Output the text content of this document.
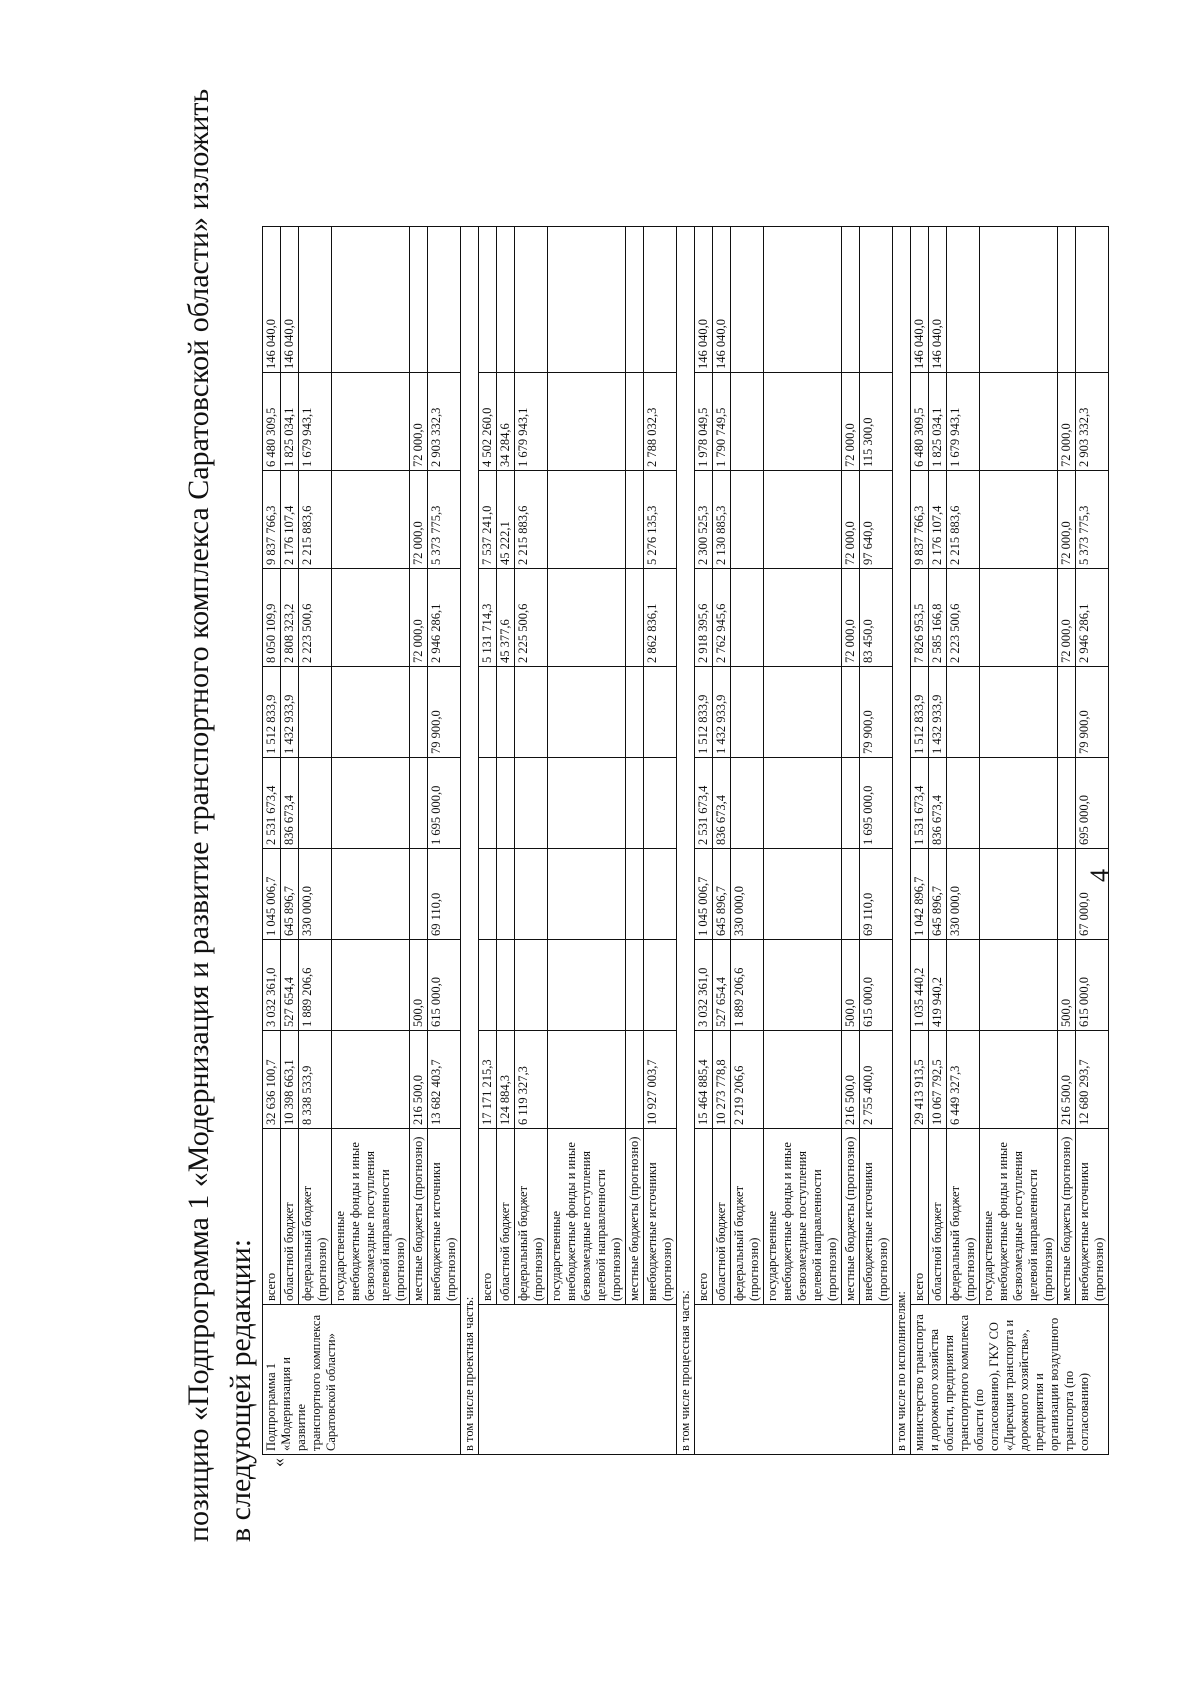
4
позицию «Подпрограмма 1 «Модернизация и развитие транспортного комплекса Саратовской области» изложить в следующей редакции: «
Подпрограмма 1 «Модернизация и развитие транспортного комплекса Саратовской области»	всего	32 636 100,7	3 032 361,0	1 045 006,7	2 531 673,4	1 512 833,9	8 050 109,9	9 837 766,3	6 480 309,5	146 040,0
	областной бюджет	10 398 663,1	527 654,4	645 896,7	836 673,4	1 432 933,9	2 808 323,2	2 176 107,4	1 825 034,1	146 040,0
	федеральный бюджет (прогнозно)	8 338 533,9	1 889 206,6	330 000,0			2 223 500,6	2 215 883,6	1 679 943,1	
	государственные внебюджетные фонды и иные безвозмездные поступления целевой направленности (прогнозно)									
	местные бюджеты (прогнозно)	216 500,0	500,0				72 000,0	72 000,0	72 000,0	
	внебюджетные источники (прогнозно)	13 682 403,7	615 000,0	69 110,0	1 695 000,0	79 900,0	2 946 286,1	5 373 775,3	2 903 332,3	
в том числе проектная часть:										
	всего	17 171 215,3					5 131 714,3	7 537 241,0	4 502 260,0	
	областной бюджет	124 884,3					45 377,6	45 222,1	34 284,6	
	федеральный бюджет (прогнозно)	6 119 327,3					2 225 500,6	2 215 883,6	1 679 943,1	
	государственные внебюджетные фонды и иные безвозмездные поступления целевой направленности (прогнозно)									
	местные бюджеты (прогнозно)									
	внебюджетные источники (прогнозно)	10 927 003,7					2 862 836,1	5 276 135,3	2 788 032,3	
в том числе процессная часть:										
	всего	15 464 885,4	3 032 361,0	1 045 006,7	2 531 673,4	1 512 833,9	2 918 395,6	2 300 525,3	1 978 049,5	146 040,0
	областной бюджет	10 273 778,8	527 654,4	645 896,7	836 673,4	1 432 933,9	2 762 945,6	2 130 885,3	1 790 749,5	146 040,0
	федеральный бюджет (прогнозно)	2 219 206,6	1 889 206,6	330 000,0						
	государственные внебюджетные фонды и иные безвозмездные поступления целевой направленности (прогнозно)									
	местные бюджеты (прогнозно)	216 500,0	500,0				72 000,0	72 000,0	72 000,0	
	внебюджетные источники (прогнозно)	2 755 400,0	615 000,0	69 110,0	1 695 000,0	79 900,0	83 450,0	97 640,0	115 300,0	
в том числе по исполнителям:										
министерство транспорта и дорожного хозяйства области, предприятия транспортного комплекса области (по согласованию), ГКУ СО «Дирекция транспорта и дорожного хозяйства», предприятия и организации воздушного транспорта (по согласованию)	всего	29 413 913,5	1 035 440,2	1 042 896,7	1 531 673,4	1 512 833,9	7 826 953,5	9 837 766,3	6 480 309,5	146 040,0
	областной бюджет	10 067 792,5	419 940,2	645 896,7	836 673,4	1 432 933,9	2 585 166,8	2 176 107,4	1 825 034,1	146 040,0
	федеральный бюджет (прогнозно)	6 449 327,3		330 000,0			2 223 500,6	2 215 883,6	1 679 943,1	
	государственные внебюджетные фонды и иные безвозмездные поступления целевой направленности (прогнозно)									
	местные бюджеты (прогнозно)	216 500,0	500,0				72 000,0	72 000,0	72 000,0	
	внебюджетные источники (прогнозно)	12 680 293,7	615 000,0	67 000,0	695 000,0	79 900,0	2 946 286,1	5 373 775,3	2 903 332,3	
